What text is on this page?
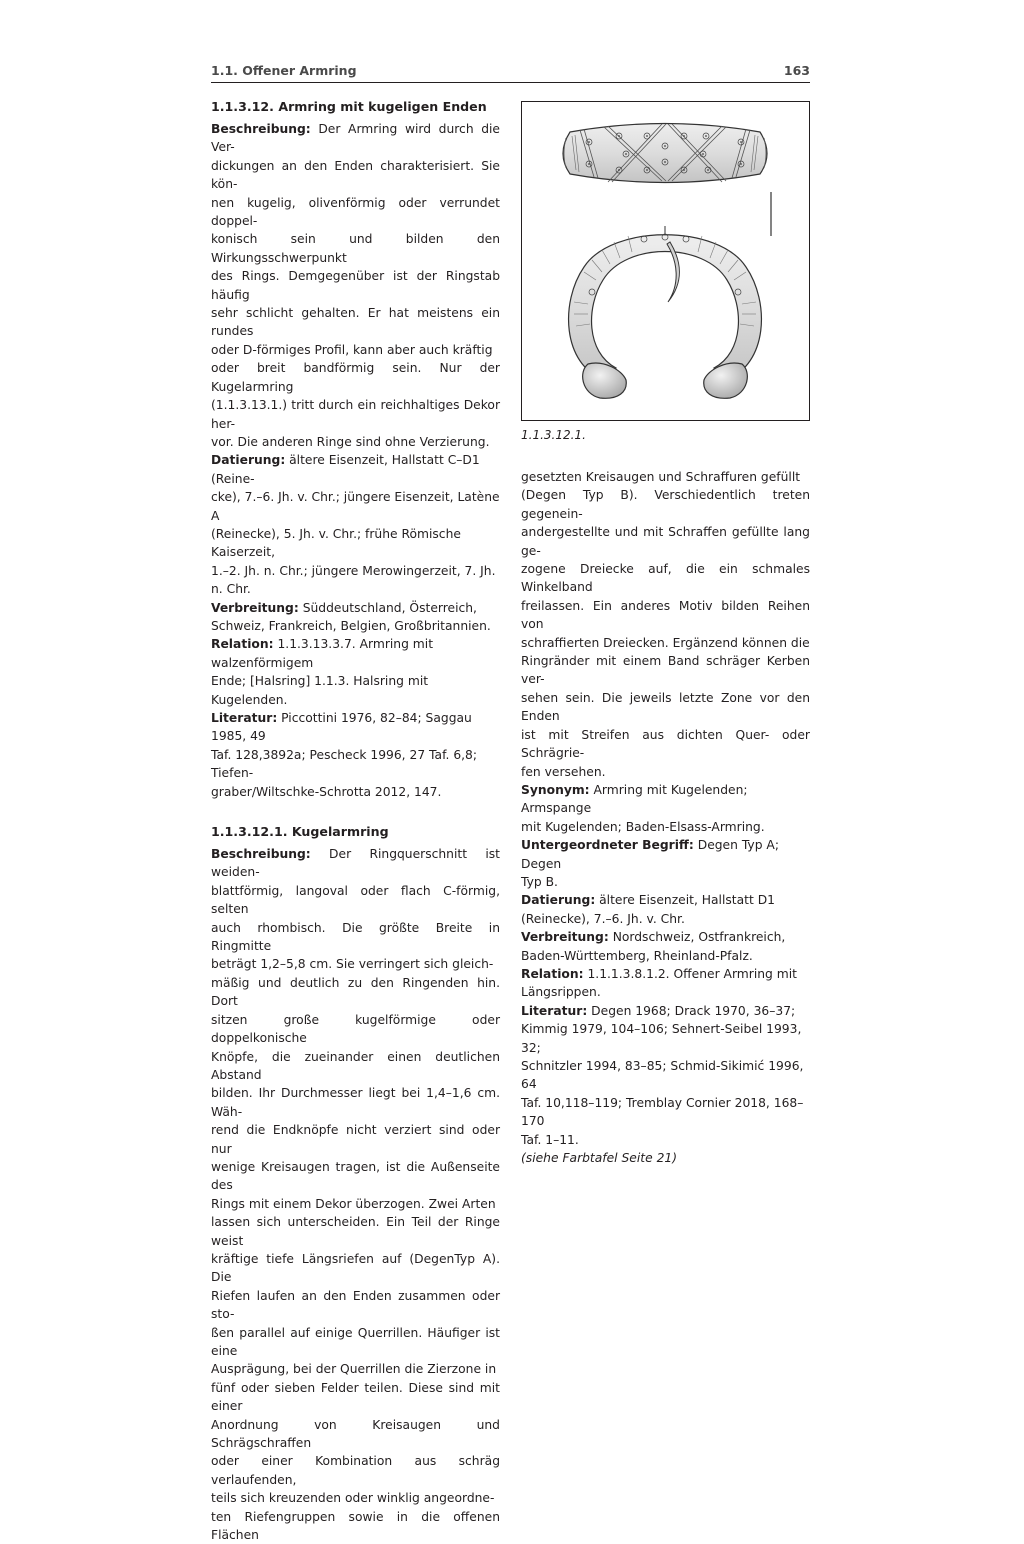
1.1. Offener Armring	163
1.1.3.12. Armring mit kugeligen Enden

Beschreibung: Der Armring wird durch die Ver-
dickungen an den Enden charakterisiert. Sie kön-
nen kugelig, olivenförmig oder verrundet doppel-
konisch sein und bilden den Wirkungsschwerpunkt
des Rings. Demgegenüber ist der Ringstab häufig
sehr schlicht gehalten. Er hat meistens ein rundes
oder D-förmiges Profil, kann aber auch kräftig
oder breit bandförmig sein. Nur der Kugelarmring
(1.1.3.13.1.) tritt durch ein reichhaltiges Dekor her-
vor. Die anderen Ringe sind ohne Verzierung.

Datierung: ältere Eisenzeit, Hallstatt C–D1 (Reine-
cke), 7.–6. Jh. v. Chr.; jüngere Eisenzeit, Latène A
(Reinecke), 5. Jh. v. Chr.; frühe Römische Kaiserzeit,
1.–2. Jh. n. Chr.; jüngere Merowingerzeit, 7. Jh. n. Chr.

Verbreitung: Süddeutschland, Österreich,
Schweiz, Frankreich, Belgien, Großbritannien.

Relation: 1.1.3.13.3.7. Armring mit walzenförmigem
Ende; [Halsring] 1.1.3. Halsring mit Kugelenden.

Literatur: Piccottini 1976, 82–84; Saggau 1985, 49
Taf. 128,3892a; Pescheck 1996, 27 Taf. 6,8; Tiefen-
graber/Wiltschke-Schrotta 2012, 147.

1.1.3.12.1. Kugelarmring

Beschreibung: Der Ringquerschnitt ist weiden-
blattförmig, langoval oder flach C-förmig, selten
auch rhombisch. Die größte Breite in Ringmitte
beträgt 1,2–5,8 cm. Sie verringert sich gleich-
mäßig und deutlich zu den Ringenden hin. Dort
sitzen große kugelförmige oder doppelkonische
Knöpfe, die zueinander einen deutlichen Abstand
bilden. Ihr Durchmesser liegt bei 1,4–1,6 cm. Wäh-
rend die Endknöpfe nicht verziert sind oder nur
wenige Kreisaugen tragen, ist die Außenseite des
Rings mit einem Dekor überzogen. Zwei Arten
lassen sich unterscheiden. Ein Teil der Ringe weist
kräftige tiefe Längsriefen auf (DegenTyp A). Die
Riefen laufen an den Enden zusammen oder sto-
ßen parallel auf einige Querrillen. Häufiger ist eine
Ausprägung, bei der Querrillen die Zierzone in
fünf oder sieben Felder teilen. Diese sind mit einer
Anordnung von Kreisaugen und Schrägschraffen
oder einer Kombination aus schräg verlaufenden,
teils sich kreuzenden oder winklig angeordne-
ten Riefengruppen sowie in die offenen Flächen

1.1.3.12.1.

gesetzten Kreisaugen und Schraffuren gefüllt
(Degen Typ B). Verschiedentlich treten gegenein-
andergestellte und mit Schraffen gefüllte lang ge-
zogene Dreiecke auf, die ein schmales Winkelband
freilassen. Ein anderes Motiv bilden Reihen von
schraffierten Dreiecken. Ergänzend können die
Ringränder mit einem Band schräger Kerben ver-
sehen sein. Die jeweils letzte Zone vor den Enden
ist mit Streifen aus dichten Quer- oder Schrägrie-
fen versehen.

Synonym: Armring mit Kugelenden; Armspange
mit Kugelenden; Baden-Elsass-Armring.

Untergeordneter Begriff: Degen Typ A; Degen
Typ B.

Datierung: ältere Eisenzeit, Hallstatt D1
(Reinecke), 7.–6. Jh. v. Chr.

Verbreitung: Nordschweiz, Ostfrankreich,
Baden-Württemberg, Rheinland-Pfalz.

Relation: 1.1.1.3.8.1.2. Offener Armring mit
Längsrippen.

Literatur: Degen 1968; Drack 1970, 36–37;
Kimmig 1979, 104–106; Sehnert-Seibel 1993, 32;
Schnitzler 1994, 83–85; Schmid-Sikimić 1996, 64
Taf. 10,118–119; Tremblay Cornier 2018, 168–170
Taf. 1–11.

(siehe Farbtafel Seite 21)
